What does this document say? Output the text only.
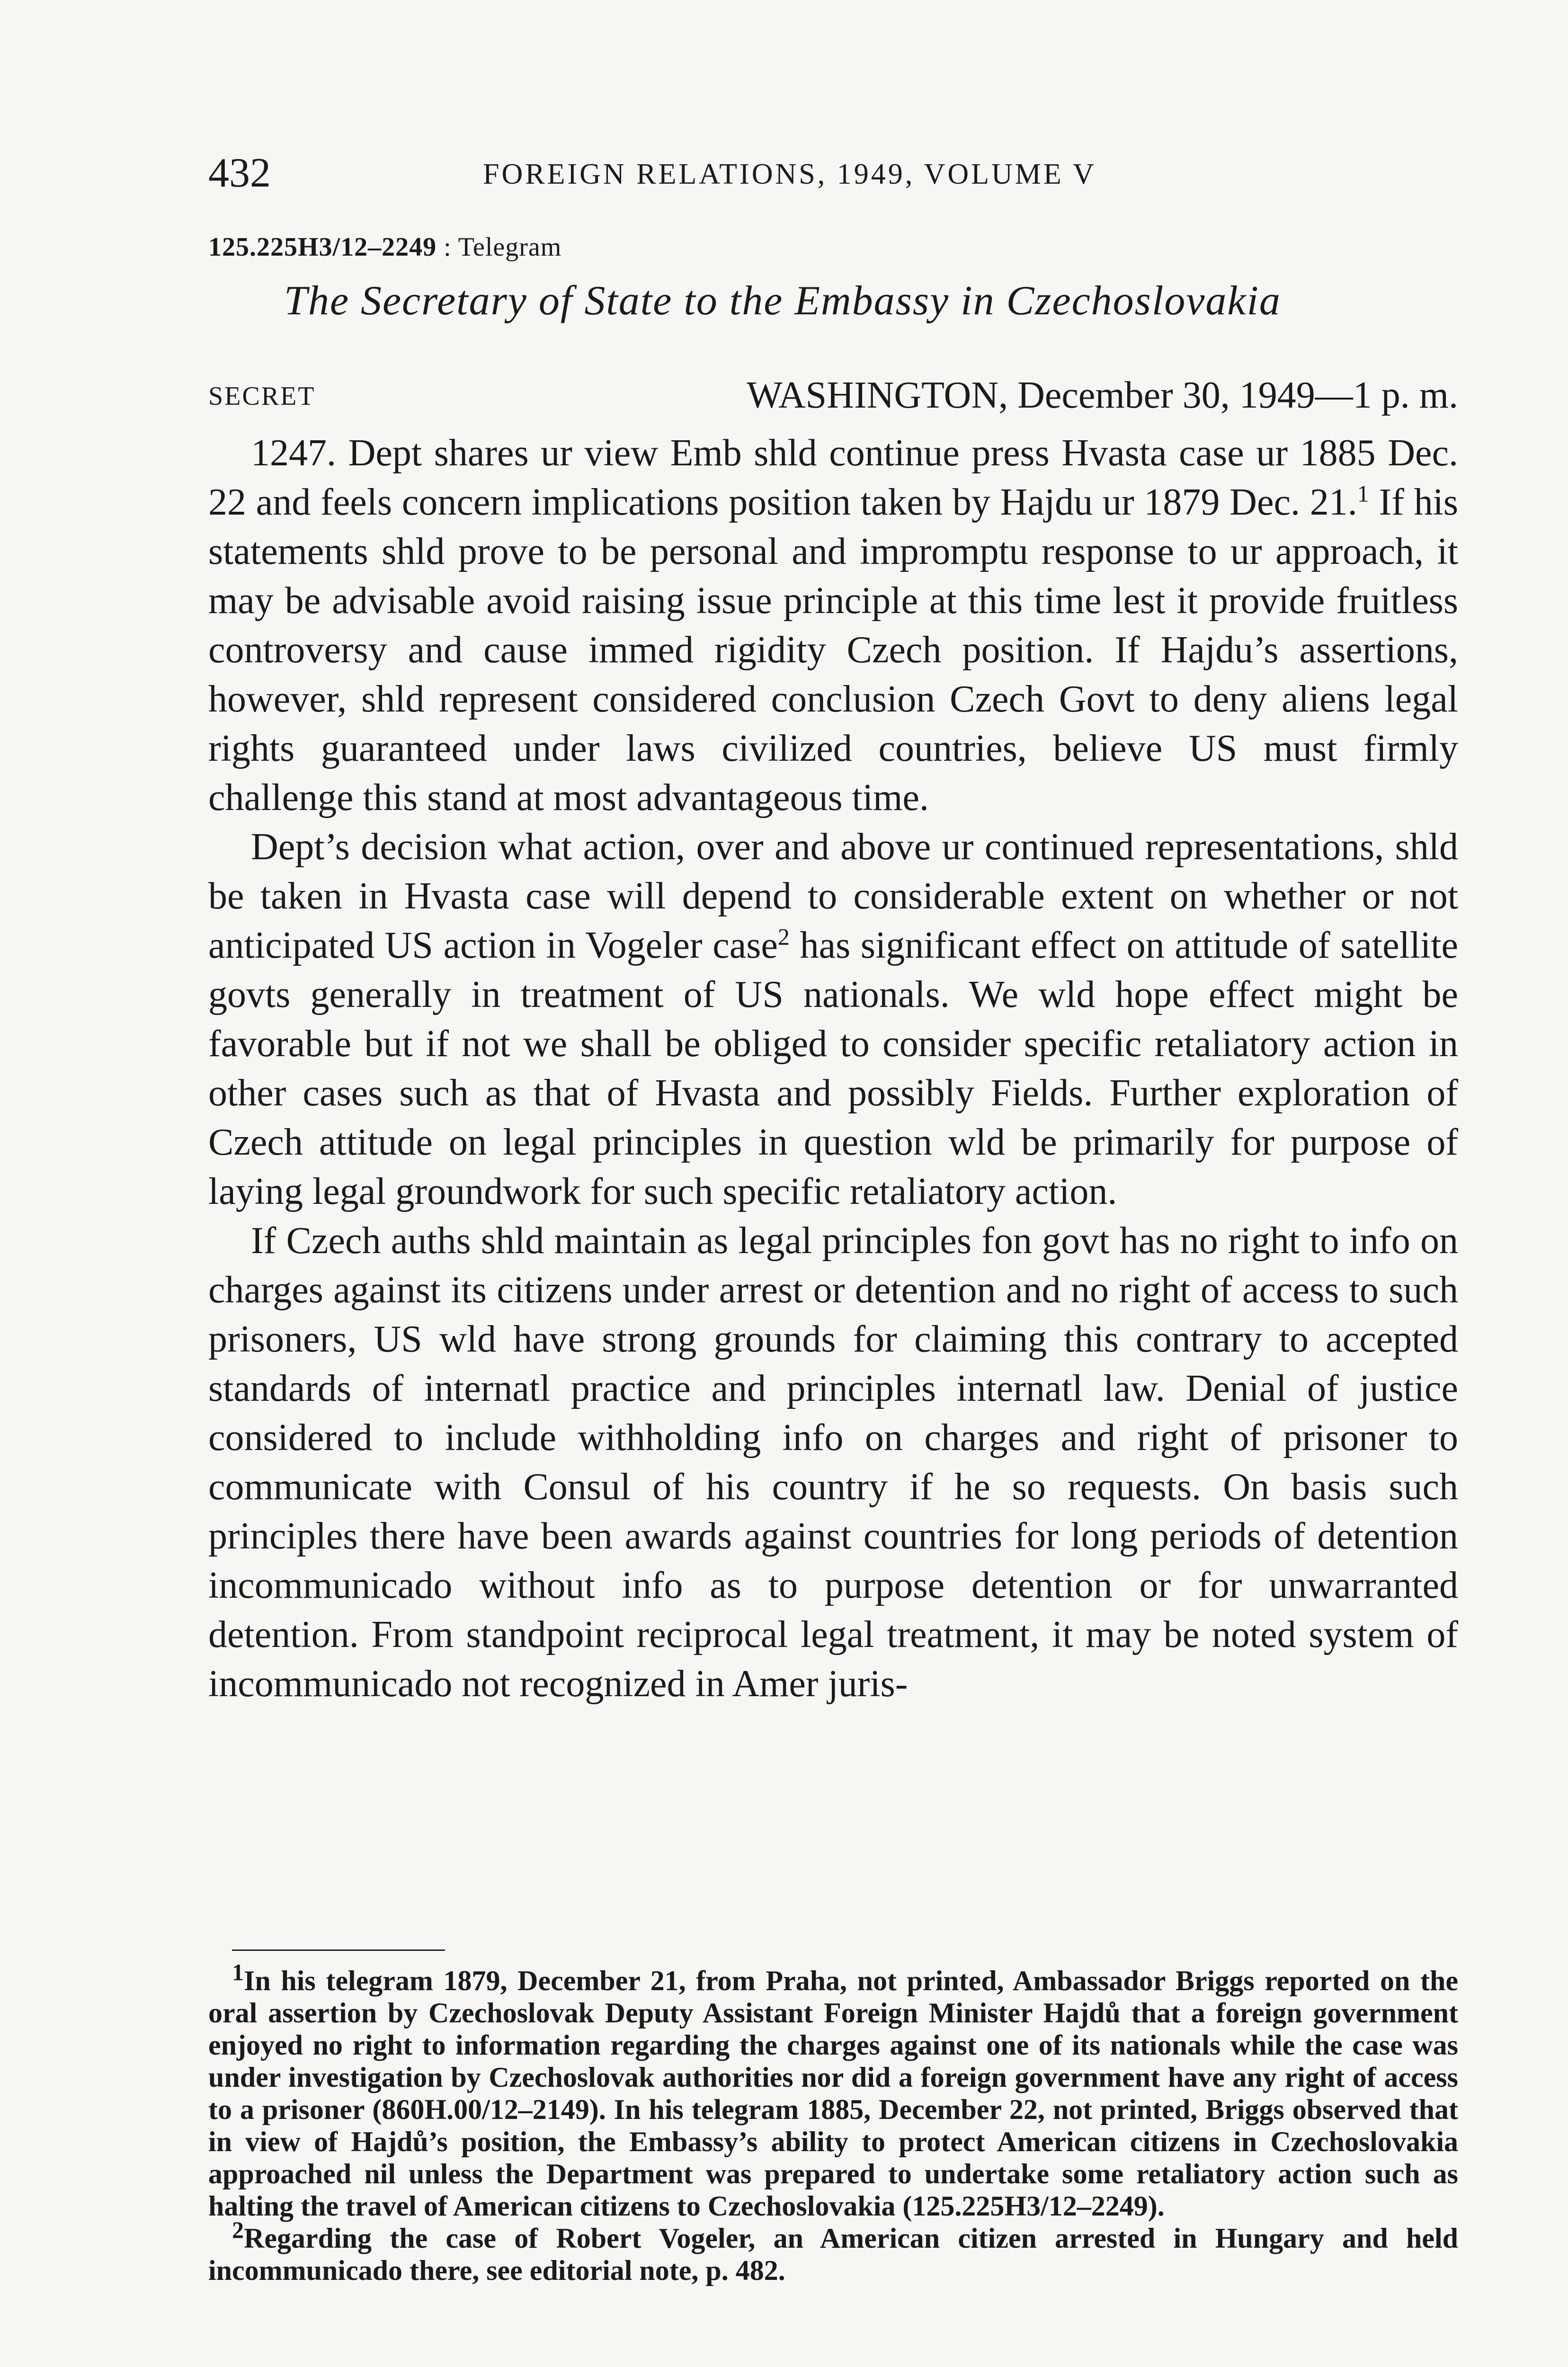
432	FOREIGN RELATIONS, 1949, VOLUME V
125.225H3/12–2249 : Telegram
The Secretary of State to the Embassy in Czechoslovakia
SECRET	WASHINGTON, December 30, 1949—1 p. m.

1247. Dept shares ur view Emb shld continue press Hvasta case ur 1885 Dec. 22 and feels concern implications position taken by Hajdu ur 1879 Dec. 21.$^1$ If his statements shld prove to be personal and impromptu response to ur approach, it may be advisable avoid raising issue principle at this time lest it provide fruitless controversy and cause immed rigidity Czech position. If Hajdu’s assertions, however, shld represent considered conclusion Czech Govt to deny aliens legal rights guaranteed under laws civilized countries, believe US must firmly challenge this stand at most advantageous time.

Dept’s decision what action, over and above ur continued representations, shld be taken in Hvasta case will depend to considerable extent on whether or not anticipated US action in Vogeler case$^2$ has significant effect on attitude of satellite govts generally in treatment of US nationals. We wld hope effect might be favorable but if not we shall be obliged to consider specific retaliatory action in other cases such as that of Hvasta and possibly Fields. Further exploration of Czech attitude on legal principles in question wld be primarily for purpose of laying legal groundwork for such specific retaliatory action.

If Czech auths shld maintain as legal principles fon govt has no right to info on charges against its citizens under arrest or detention and no right of access to such prisoners, US wld have strong grounds for claiming this contrary to accepted standards of internatl practice and principles internatl law. Denial of justice considered to include withholding info on charges and right of prisoner to communicate with Consul of his country if he so requests. On basis such principles there have been awards against countries for long periods of detention incommunicado without info as to purpose detention or for unwarranted detention. From standpoint reciprocal legal treatment, it may be noted system of incommunicado not recognized in Amer juris-

$^1$In his telegram 1879, December 21, from Praha, not printed, Ambassador Briggs reported on the oral assertion by Czechoslovak Deputy Assistant Foreign Minister Hajdů that a foreign government enjoyed no right to information regarding the charges against one of its nationals while the case was under investigation by Czechoslovak authorities nor did a foreign government have any right of access to a prisoner (860H.00/12–2149). In his telegram 1885, December 22, not printed, Briggs observed that in view of Hajdů’s position, the Embassy’s ability to protect American citizens in Czechoslovakia approached nil unless the Department was prepared to undertake some retaliatory action such as halting the travel of American citizens to Czechoslovakia (125.225H3/12–2249).

$^2$Regarding the case of Robert Vogeler, an American citizen arrested in Hungary and held incommunicado there, see editorial note, p. 482.
